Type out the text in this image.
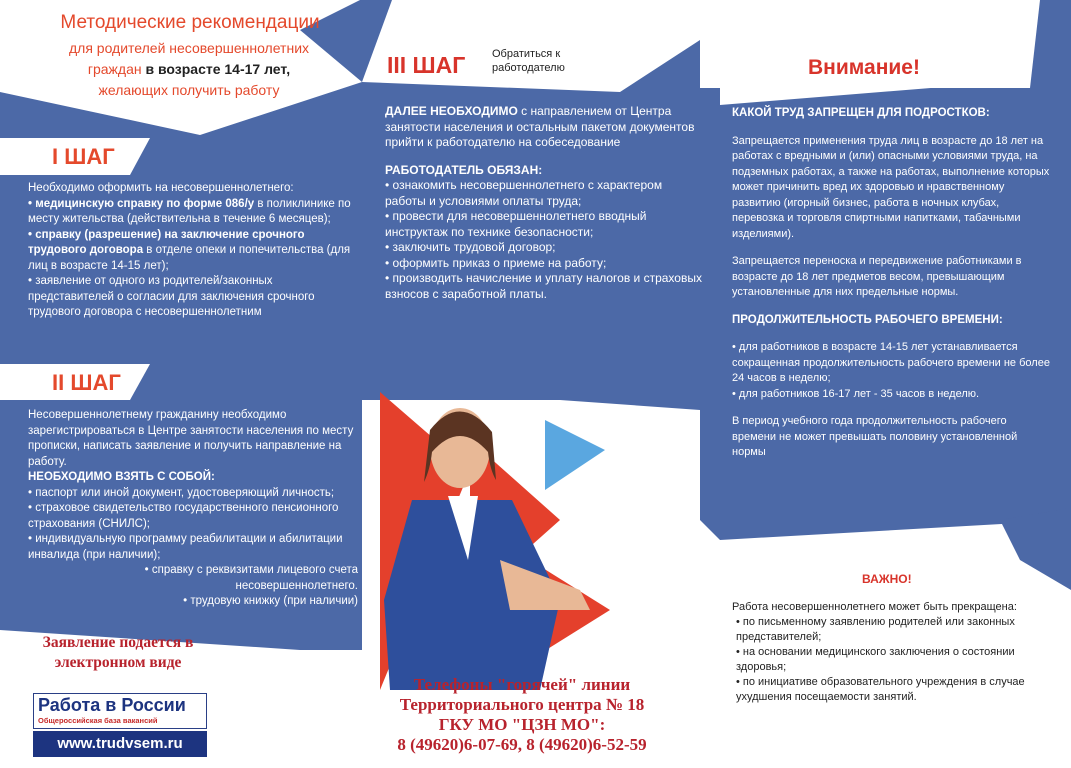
Методические рекомендации
для родителей несовершеннолетних
граждан в возрасте 14-17 лет,
желающих получить работу
I ШАГ
Необходимо оформить на несовершеннолетнего:
• медицинскую справку по форме 086/у в поликлинике по месту жительства (действительна в течение 6 месяцев);
• справку (разрешение) на заключение срочного трудового договора в отделе опеки и попечительства (для лиц в возрасте 14-15 лет);
• заявление от одного из родителей/законных представителей о согласии для заключения срочного трудового договора с несовершеннолетним
II ШАГ
Несовершеннолетнему гражданину необходимо зарегистрироваться в Центре занятости населения по месту прописки, написать заявление и получить направление на работу.
НЕОБХОДИМО ВЗЯТЬ С СОБОЙ:
• паспорт или иной документ, удостоверяющий личность;
• страховое свидетельство государственного пенсионного страхования (СНИЛС);
• индивидуальную программу реабилитации и абилитации инвалида (при наличии);
• справку с реквизитами лицевого счета несовершеннолетнего.
• трудовую книжку (при наличии)
Заявление подается в
электронном виде
Работа в России
Общероссийская база вакансий
www.trudvsem.ru
III ШАГ Обратиться к работодателю

ДАЛЕЕ НЕОБХОДИМО с направлением от Центра занятости населения и остальным пакетом документов прийти к работодателю на собеседование

РАБОТОДАТЕЛЬ ОБЯЗАН:

• ознакомить несовершеннолетнего с характером работы и условиями оплаты труда;

• провести для несовершеннолетнего вводный инструктаж по технике безопасности;

• заключить трудовой договор;

• оформить приказ о приеме на работу;

• производить начисление и уплату налогов и страховых взносов с заработной платы.

Внимание!

КАКОЙ ТРУД ЗАПРЕЩЕН ДЛЯ ПОДРОСТКОВ:

Запрещается применения труда лиц в возрасте до 18 лет на работах с вредными и (или) опасными условиями труда, на подземных работах, а также на работах, выполнение которых может причинить вред их здоровью и нравственному развитию (игорный бизнес, работа в ночных клубах, перевозка и торговля спиртными напитками, табачными изделиями).

Запрещается переноска и передвижение работниками в возрасте до 18 лет предметов весом, превышающим установленные для них предельные нормы.

ПРОДОЛЖИТЕЛЬНОСТЬ РАБОЧЕГО ВРЕМЕНИ:

• для работников в возрасте 14-15 лет устанавливается сокращенная продолжительность рабочего времени не более 24 часов в неделю;

• для работников 16-17 лет - 35 часов в неделю.

В период учебного года продолжительность рабочего времени не может превышать половину установленной нормы

ВАЖНО!
Работа несовершеннолетнего может быть прекращена:
• по письменному заявлению родителей или законных представителей;
• на основании медицинского заключения о состоянии здоровья;
• по инициативе образовательного учреждения в случае ухудшения посещаемости занятий.
Телефоны "горячей" линии
Территориального центра № 18
ГКУ МО "ЦЗН МО":
8 (49620)6-07-69, 8 (49620)6-52-59
